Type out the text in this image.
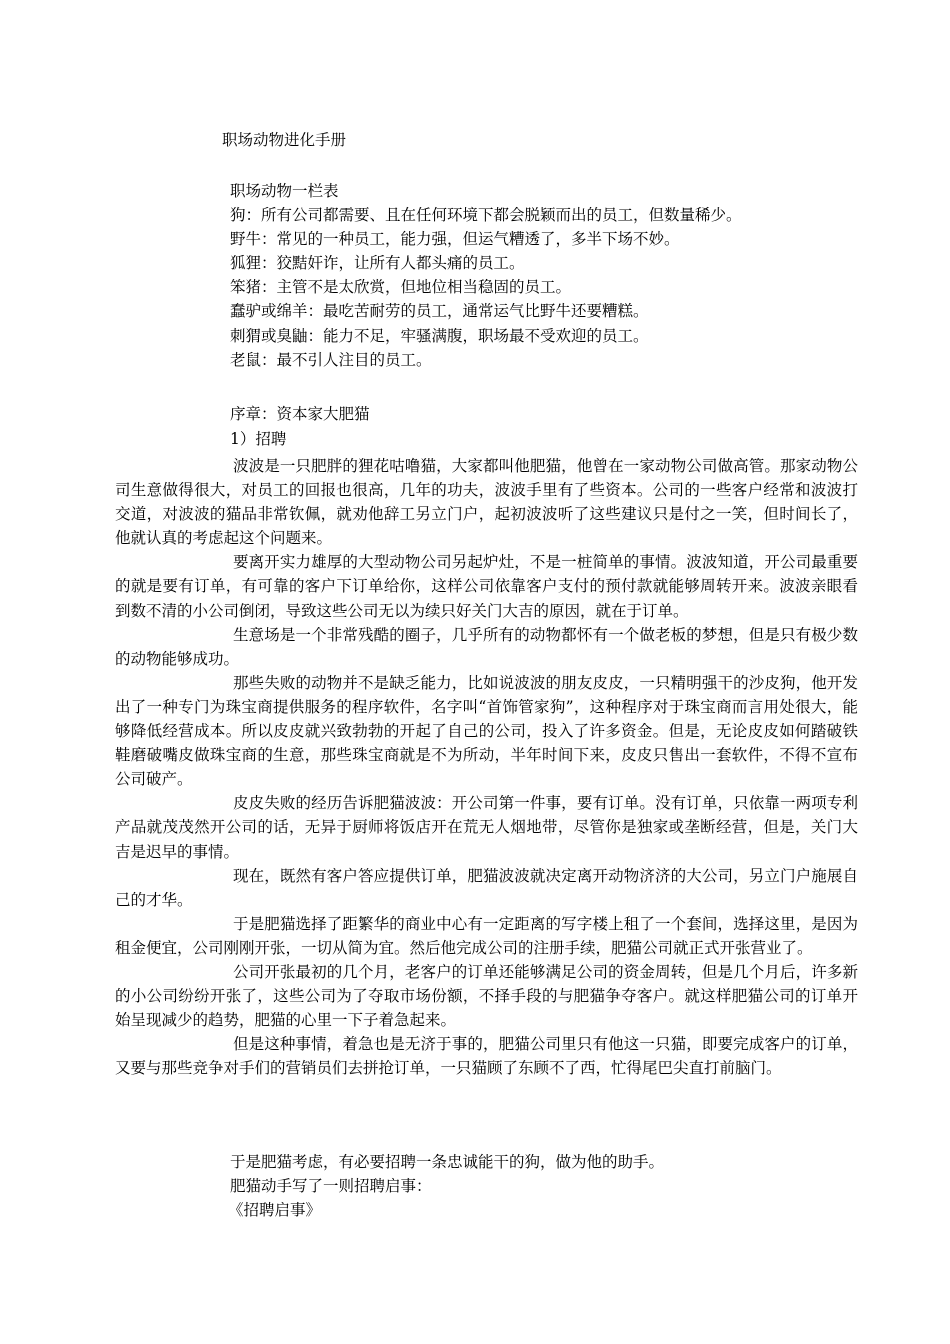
职场动物进化手册
职场动物一栏表
狗：所有公司都需要、且在任何环境下都会脱颖而出的员工，但数量稀少。
野牛：常见的一种员工，能力强，但运气糟透了，多半下场不妙。
狐狸：狡黠奸诈，让所有人都头痛的员工。
笨猪：主管不是太欣赏，但地位相当稳固的员工。
蠢驴或绵羊：最吃苦耐劳的员工，通常运气比野牛还要糟糕。
刺猬或臭鼬：能力不足，牢骚满腹，职场最不受欢迎的员工。
老鼠：最不引人注目的员工。
序章：资本家大肥猫
1）招聘

波波是一只肥胖的狸花咕噜猫，大家都叫他肥猫，他曾在一家动物公司做高管。那家动物公司生意做得很大，对员工的回报也很高，几年的功夫，波波手里有了些资本。公司的一些客户经常和波波打交道，对波波的猫品非常钦佩，就劝他辞工另立门户，起初波波听了这些建议只是付之一笑，但时间长了，他就认真的考虑起这个问题来。

要离开实力雄厚的大型动物公司另起炉灶，不是一桩简单的事情。波波知道，开公司最重要的就是要有订单，有可靠的客户下订单给你，这样公司依靠客户支付的预付款就能够周转开来。波波亲眼看到数不清的小公司倒闭，导致这些公司无以为续只好关门大吉的原因，就在于订单。

生意场是一个非常残酷的圈子，几乎所有的动物都怀有一个做老板的梦想，但是只有极少数的动物能够成功。

那些失败的动物并不是缺乏能力，比如说波波的朋友皮皮，一只精明强干的沙皮狗，他开发出了一种专门为珠宝商提供服务的程序软件，名字叫“首饰管家狗”，这种程序对于珠宝商而言用处很大，能够降低经营成本。所以皮皮就兴致勃勃的开起了自己的公司，投入了许多资金。但是，无论皮皮如何踏破铁鞋磨破嘴皮做珠宝商的生意，那些珠宝商就是不为所动，半年时间下来，皮皮只售出一套软件，不得不宣布公司破产。

皮皮失败的经历告诉肥猫波波：开公司第一件事，要有订单。没有订单，只依靠一两项专利产品就茂茂然开公司的话，无异于厨师将饭店开在荒无人烟地带，尽管你是独家或垄断经营，但是，关门大吉是迟早的事情。

现在，既然有客户答应提供订单，肥猫波波就决定离开动物济济的大公司，另立门户施展自己的才华。

于是肥猫选择了距繁华的商业中心有一定距离的写字楼上租了一个套间，选择这里，是因为租金便宜，公司刚刚开张，一切从简为宜。然后他完成公司的注册手续，肥猫公司就正式开张营业了。

公司开张最初的几个月，老客户的订单还能够满足公司的资金周转，但是几个月后，许多新的小公司纷纷开张了，这些公司为了夺取市场份额，不择手段的与肥猫争夺客户。就这样肥猫公司的订单开始呈现减少的趋势，肥猫的心里一下子着急起来。

但是这种事情，着急也是无济于事的，肥猫公司里只有他这一只猫，即要完成客户的订单，又要与那些竞争对手们的营销员们去拼抢订单，一只猫顾了东顾不了西，忙得尾巴尖直打前脑门。

于是肥猫考虑，有必要招聘一条忠诚能干的狗，做为他的助手。
肥猫动手写了一则招聘启事：
《招聘启事》
